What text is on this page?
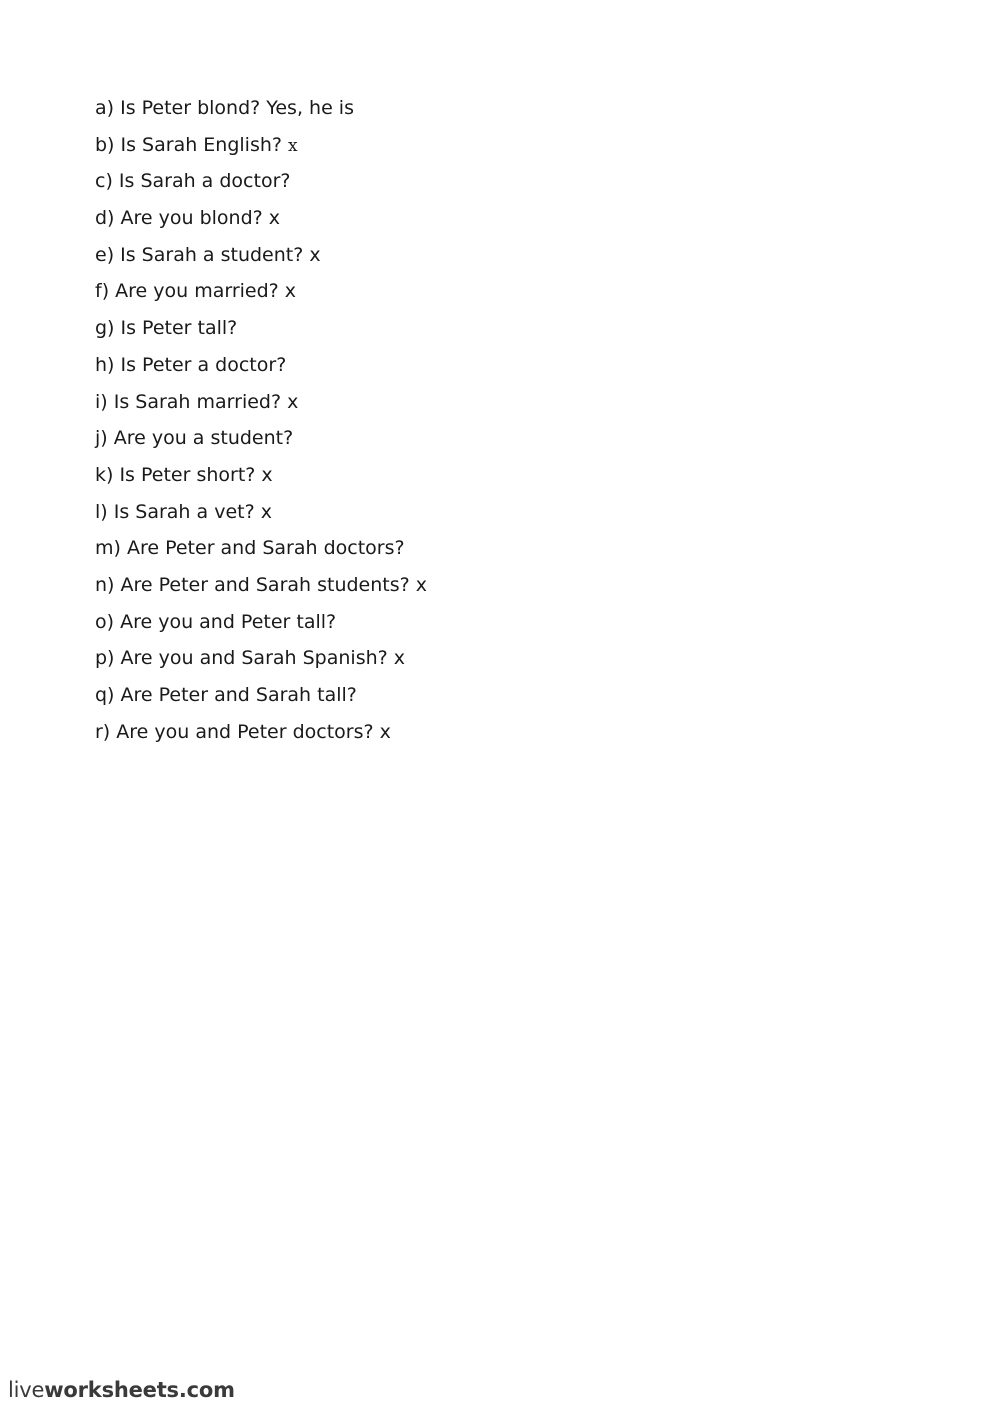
a) Is Peter blond? Yes, he is
b) Is Sarah English? x
c) Is Sarah a doctor?
d) Are you blond? x
e) Is Sarah a student? x
f) Are you married? x
g) Is Peter tall?
h) Is Peter a doctor?
i) Is Sarah married? x
j) Are you a student?
k) Is Peter short? x
l) Is Sarah a vet? x
m) Are Peter and Sarah doctors?
n) Are Peter and Sarah students? x
o) Are you and Peter tall?
p) Are you and Sarah Spanish? x
q) Are Peter and Sarah tall?
r) Are you and Peter doctors? x
liveworksheets.com
